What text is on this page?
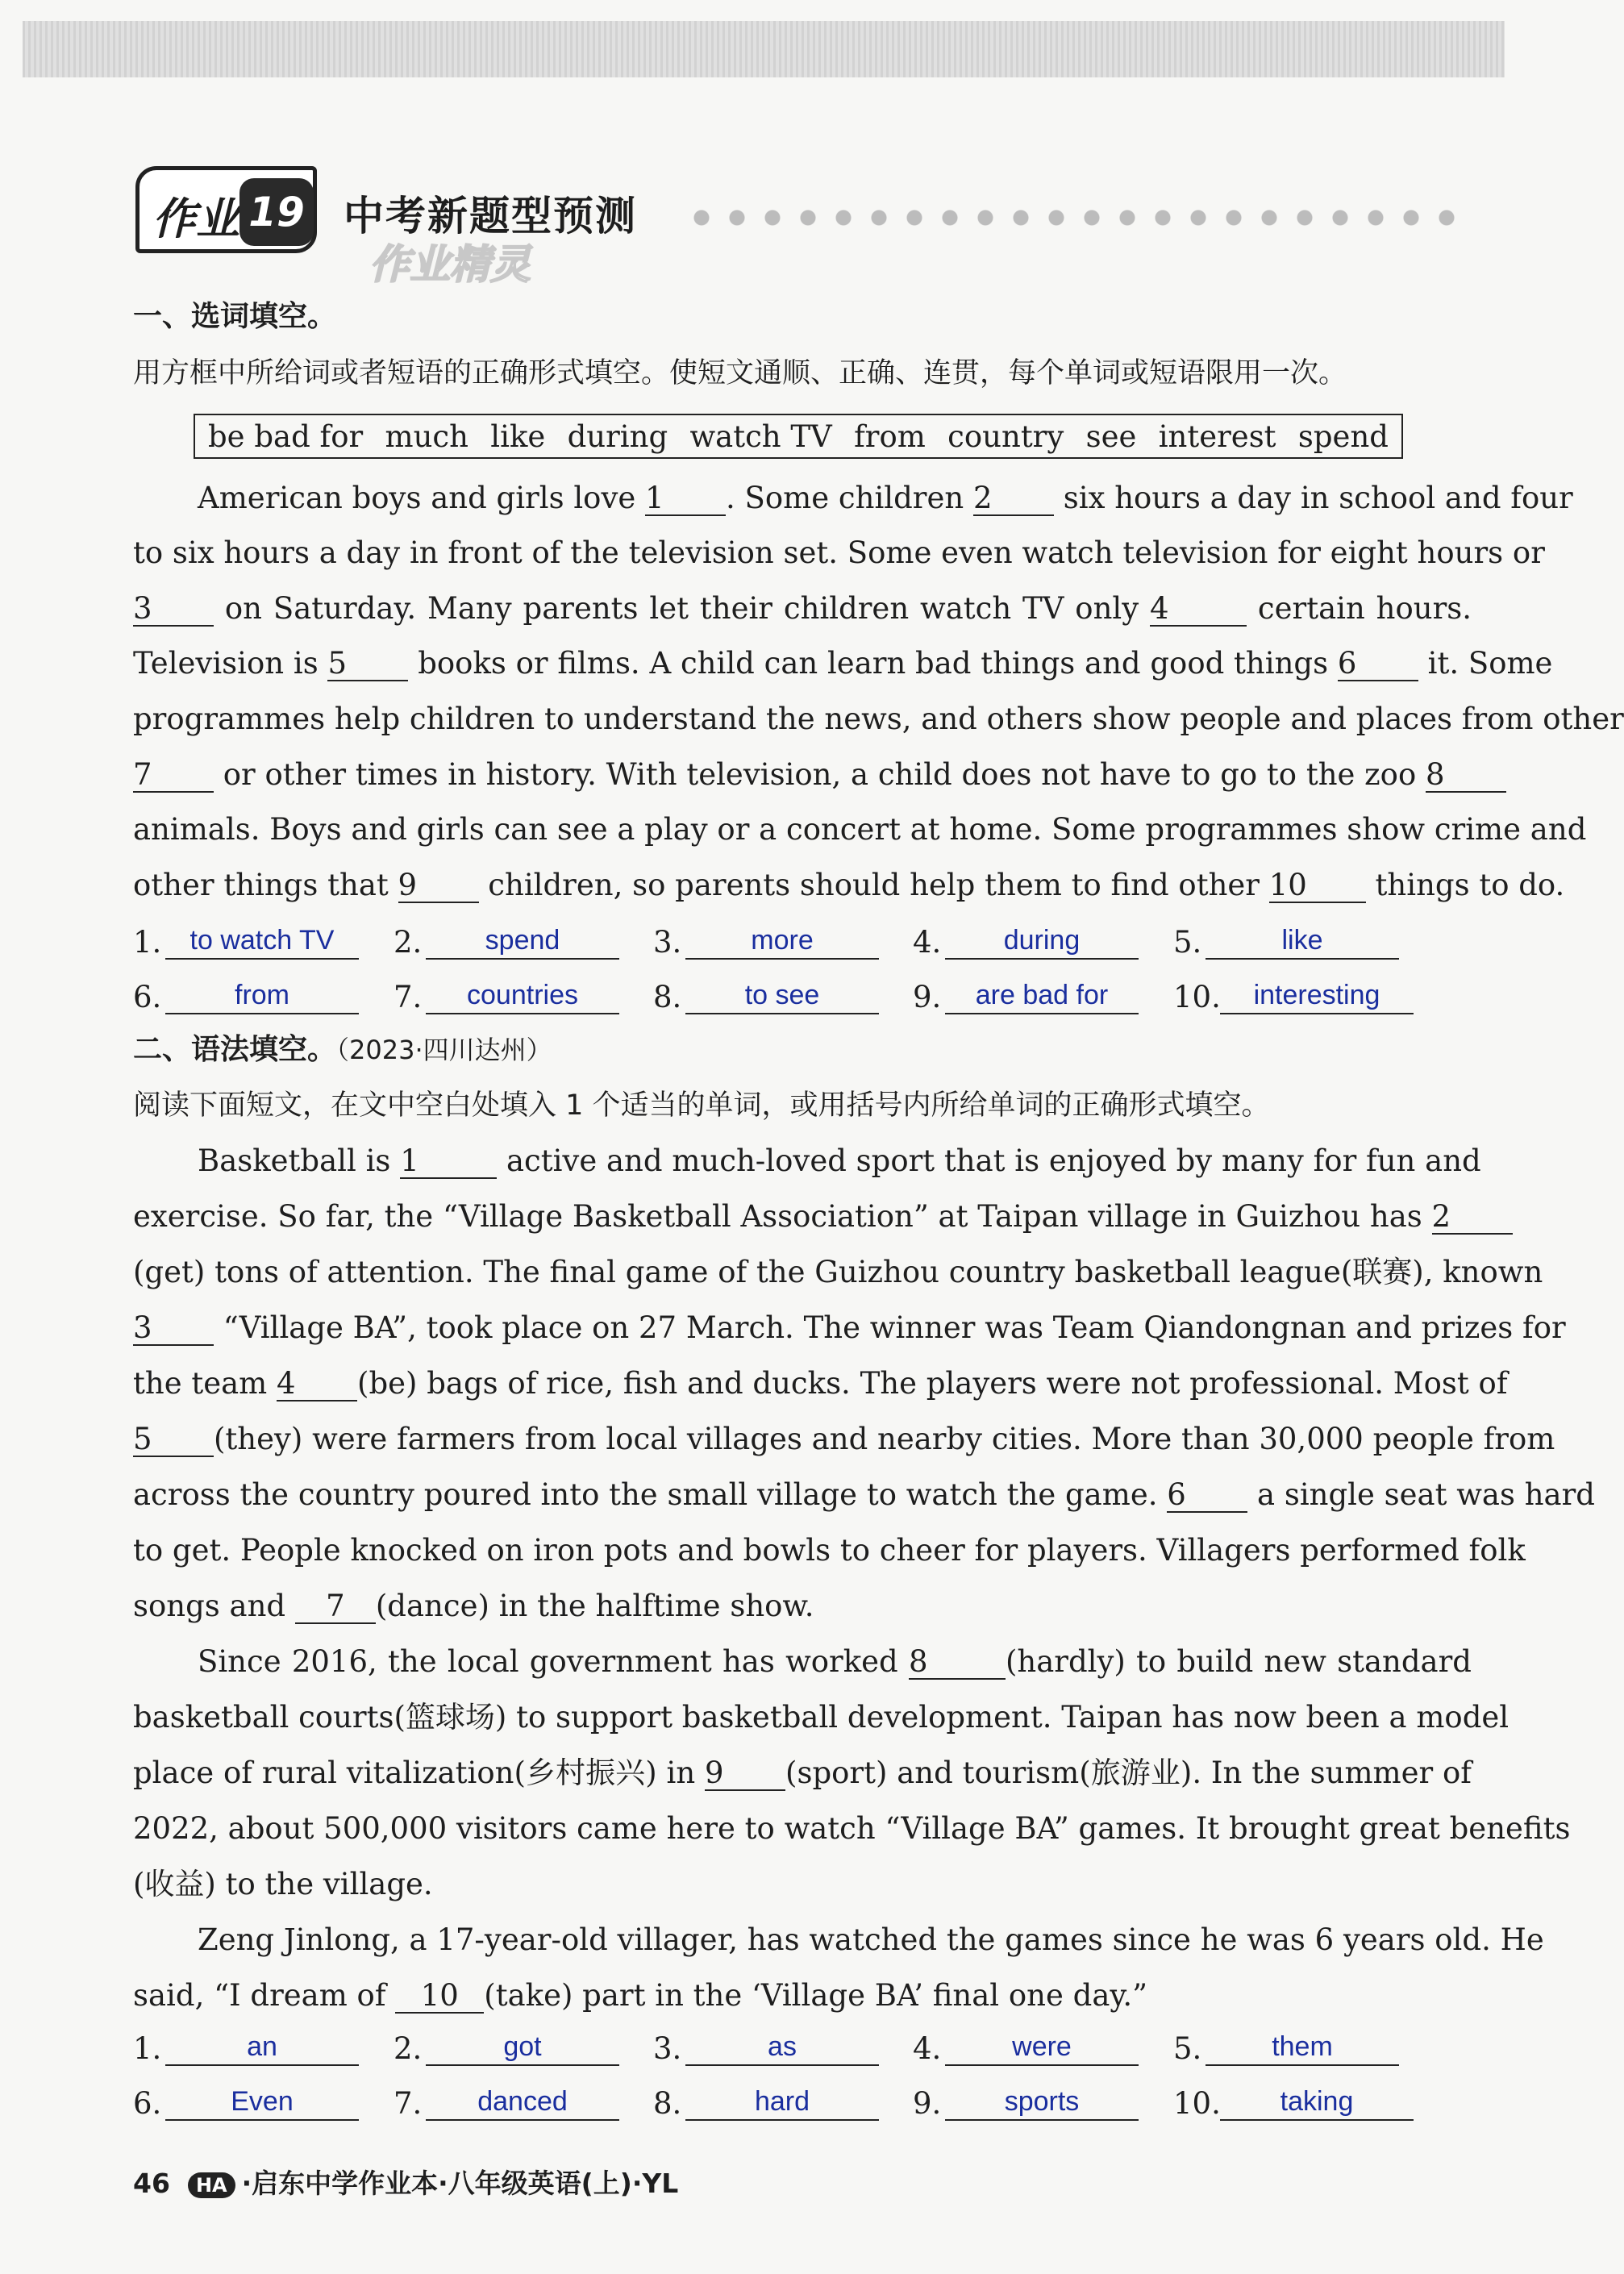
作业 19 中考新题型预测
作业精灵
一、选词填空。
用方框中所给词或者短语的正确形式填空。使短文通顺、正确、连贯，每个单词或短语限用一次。
be bad for much like during watch TV from country see interest spend
American boys and girls love 1 . Some children 2 six hours a day in school and four
to six hours a day in front of the television set. Some even watch television for eight hours or
3 on Saturday. Many parents let their children watch TV only 4	certain hours.
Television is 5 books or films. A child can learn bad things and good things 6 it. Some
programmes help children to understand the news, and others show people and places from other
7 or other times in history. With television, a child does not have to go to the zoo 8
animals. Boys and girls can see a play or a concert at home. Some programmes show crime and
other things that 9 children, so parents should help them to find other 10 things to do.
1.	to watch TV	2.	spend	3.	more	4.	during	5.	like
6.	from	7.	countries	8.	to see	9.	are bad for	10.	interesting
二、语法填空。（2023·四川达州）
阅读下面短文，在文中空白处填入 1 个适当的单词，或用括号内所给单词的正确形式填空。
Basketball is 1	active and much-loved sport that is enjoyed by many for fun and
exercise. So far, the “Village Basketball Association” at Taipan village in Guizhou has 2
(get) tons of attention. The final game of the Guizhou country basketball league(联赛), known
3 “Village BA”, took place on 27 March. The winner was Team Qiandongnan and prizes for
the team 4 (be) bags of rice, fish and ducks. The players were not professional. Most of
5 (they) were farmers from local villages and nearby cities. More than 30,000 people from
across the country poured into the small village to watch the game. 6 a single seat was hard
to get. People knocked on iron pots and bowls to cheer for players. Villagers performed folk
songs and 7 (dance) in the halftime show.
Since 2016, the local government has worked 8	(hardly) to build new standard
basketball courts(篮球场) to support basketball development. Taipan has now been a model
place of rural vitalization(乡村振兴) in 9 (sport) and tourism(旅游业). In the summer of
2022, about 500,000 visitors came here to watch “Village BA” games. It brought great benefits
(收益) to the village.
Zeng Jinlong, a 17-year-old villager, has watched the games since he was 6 years old. He
said, “I dream of 10 (take) part in the ‘Village BA’ final one day.”
1.	an	2.	got	3.	as	4.	were	5.	them
6.	Even	7.	danced	8.	hard	9.	sports	10.	taking
46 HA ·启东中学作业本·八年级英语(上)·YL
